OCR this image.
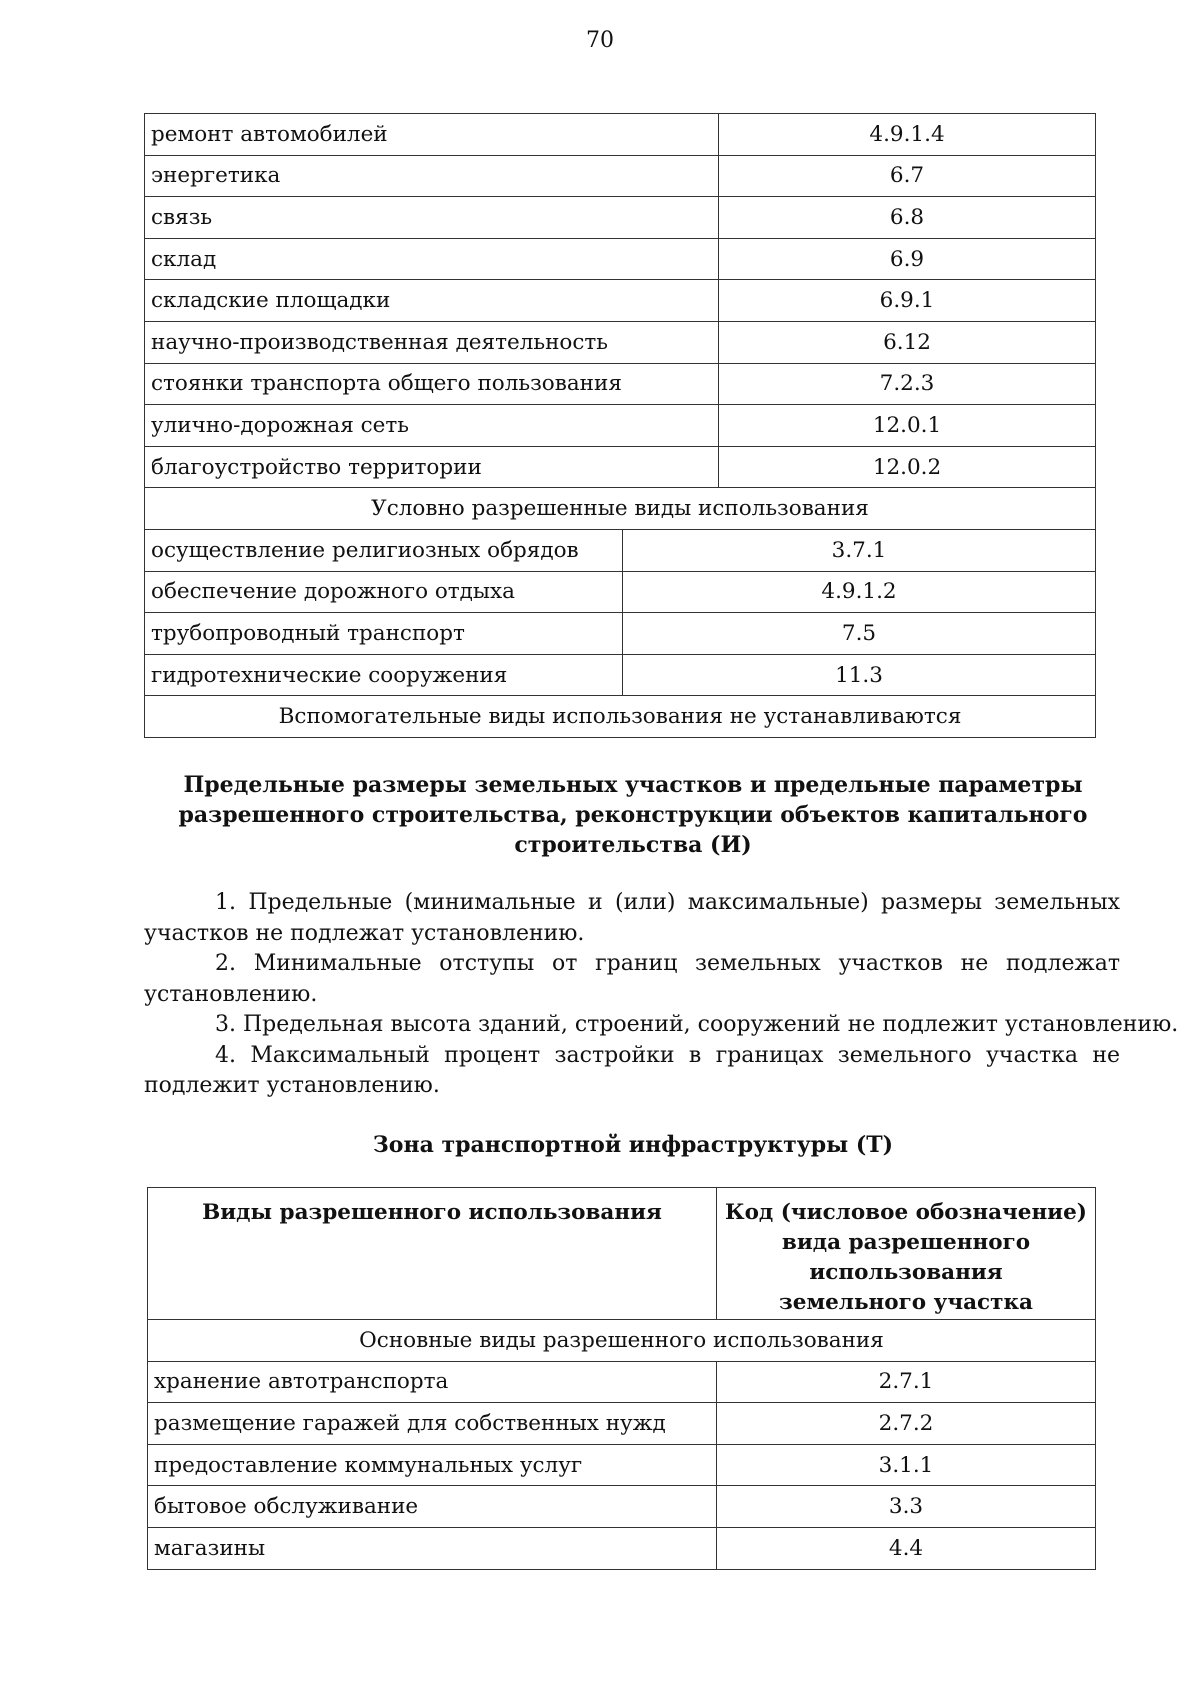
70
ремонт автомобилей		4.9.1.4
энергетика		6.7
связь		6.8
склад		6.9
складские площадки		6.9.1
научно-производственная деятельность		6.12
стоянки транспорта общего пользования		7.2.3
улично-дорожная сеть		12.0.1
благоустройство территории		12.0.2
Условно разрешенные виды использования		
осуществление религиозных обрядов	3.7.1	
обеспечение дорожного отдыха	4.9.1.2	
трубопроводный транспорт	7.5	
гидротехнические сооружения	11.3	
Вспомогательные виды использования не устанавливаются		
Предельные размеры земельных участков и предельные параметры
разрешенного строительства, реконструкции объектов капитального
строительства (И)

1. Предельные (минимальные и (или) максимальные) размеры земельных участков не подлежат установлению.

2. Минимальные отступы от границ земельных участков не подлежат установлению.

3. Предельная высота зданий, строений, сооружений не подлежит установлению.

4. Максимальный процент застройки в границах земельного участка не подлежит установлению.

Зона транспортной инфраструктуры (Т)
Виды разрешенного использования	Код (числовое обозначение)
вида разрешенного
использования
земельного участка

Основные виды разрешенного использования	
хранение автотранспорта	2.7.1
размещение гаражей для собственных нужд	2.7.2
предоставление коммунальных услуг	3.1.1
бытовое обслуживание	3.3
магазины	4.4
